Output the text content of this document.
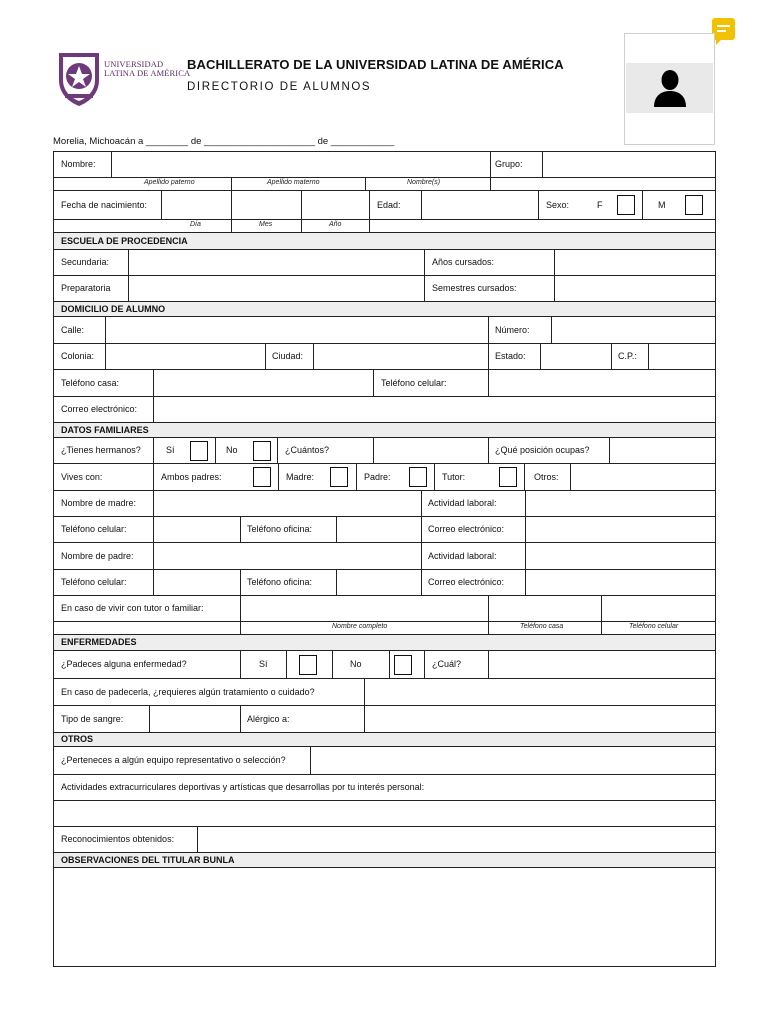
UNIVERSIDAD
LATINA DE AMÉRICA
BACHILLERATO DE LA UNIVERSIDAD LATINA DE AMÉRICA
DIRECTORIO DE ALUMNOS
Morelia, Michoacán a ________ de _____________________ de ____________
Nombre:	Grupo:
Apellido paterno	Apellido materno	Nombre(s)
Fecha de nacimiento:	Edad:	Sexo:	F	M
Día	Mes	Año
ESCUELA DE PROCEDENCIA
Secundaria:	Años cursados:
Preparatoria	Semestres cursados:
DOMICILIO DE ALUMNO
Calle:	Número:
Colonia:	Ciudad:	Estado:	C.P.:
Teléfono casa:	Teléfono celular:
Correo electrónico:
DATOS FAMILIARES
¿Tienes hermanos?	Sí	No	¿Cuántos?	¿Qué posición ocupas?
Vives con:	Ambos padres:	Madre:	Padre:	Tutor:	Otros:
Nombre de madre:	Actividad laboral:
Teléfono celular:	Teléfono oficina:	Correo electrónico:
Nombre de padre:	Actividad laboral:
Teléfono celular:	Teléfono oficina:	Correo electrónico:
En caso de vivir con tutor o familiar:
Nombre completo	Teléfono casa	Teléfono celular
ENFERMEDADES
¿Padeces alguna enfermedad?	Sí	No	¿Cuál?
En caso de padecerla, ¿requieres algún tratamiento o cuidado?
Tipo de sangre:	Alérgico a:
OTROS
¿Perteneces a algún equipo representativo o selección?
Actividades extracurriculares deportivas y artísticas que desarrollas por tu interés personal:
Reconocimientos obtenidos:
OBSERVACIONES DEL TITULAR BUNLA
